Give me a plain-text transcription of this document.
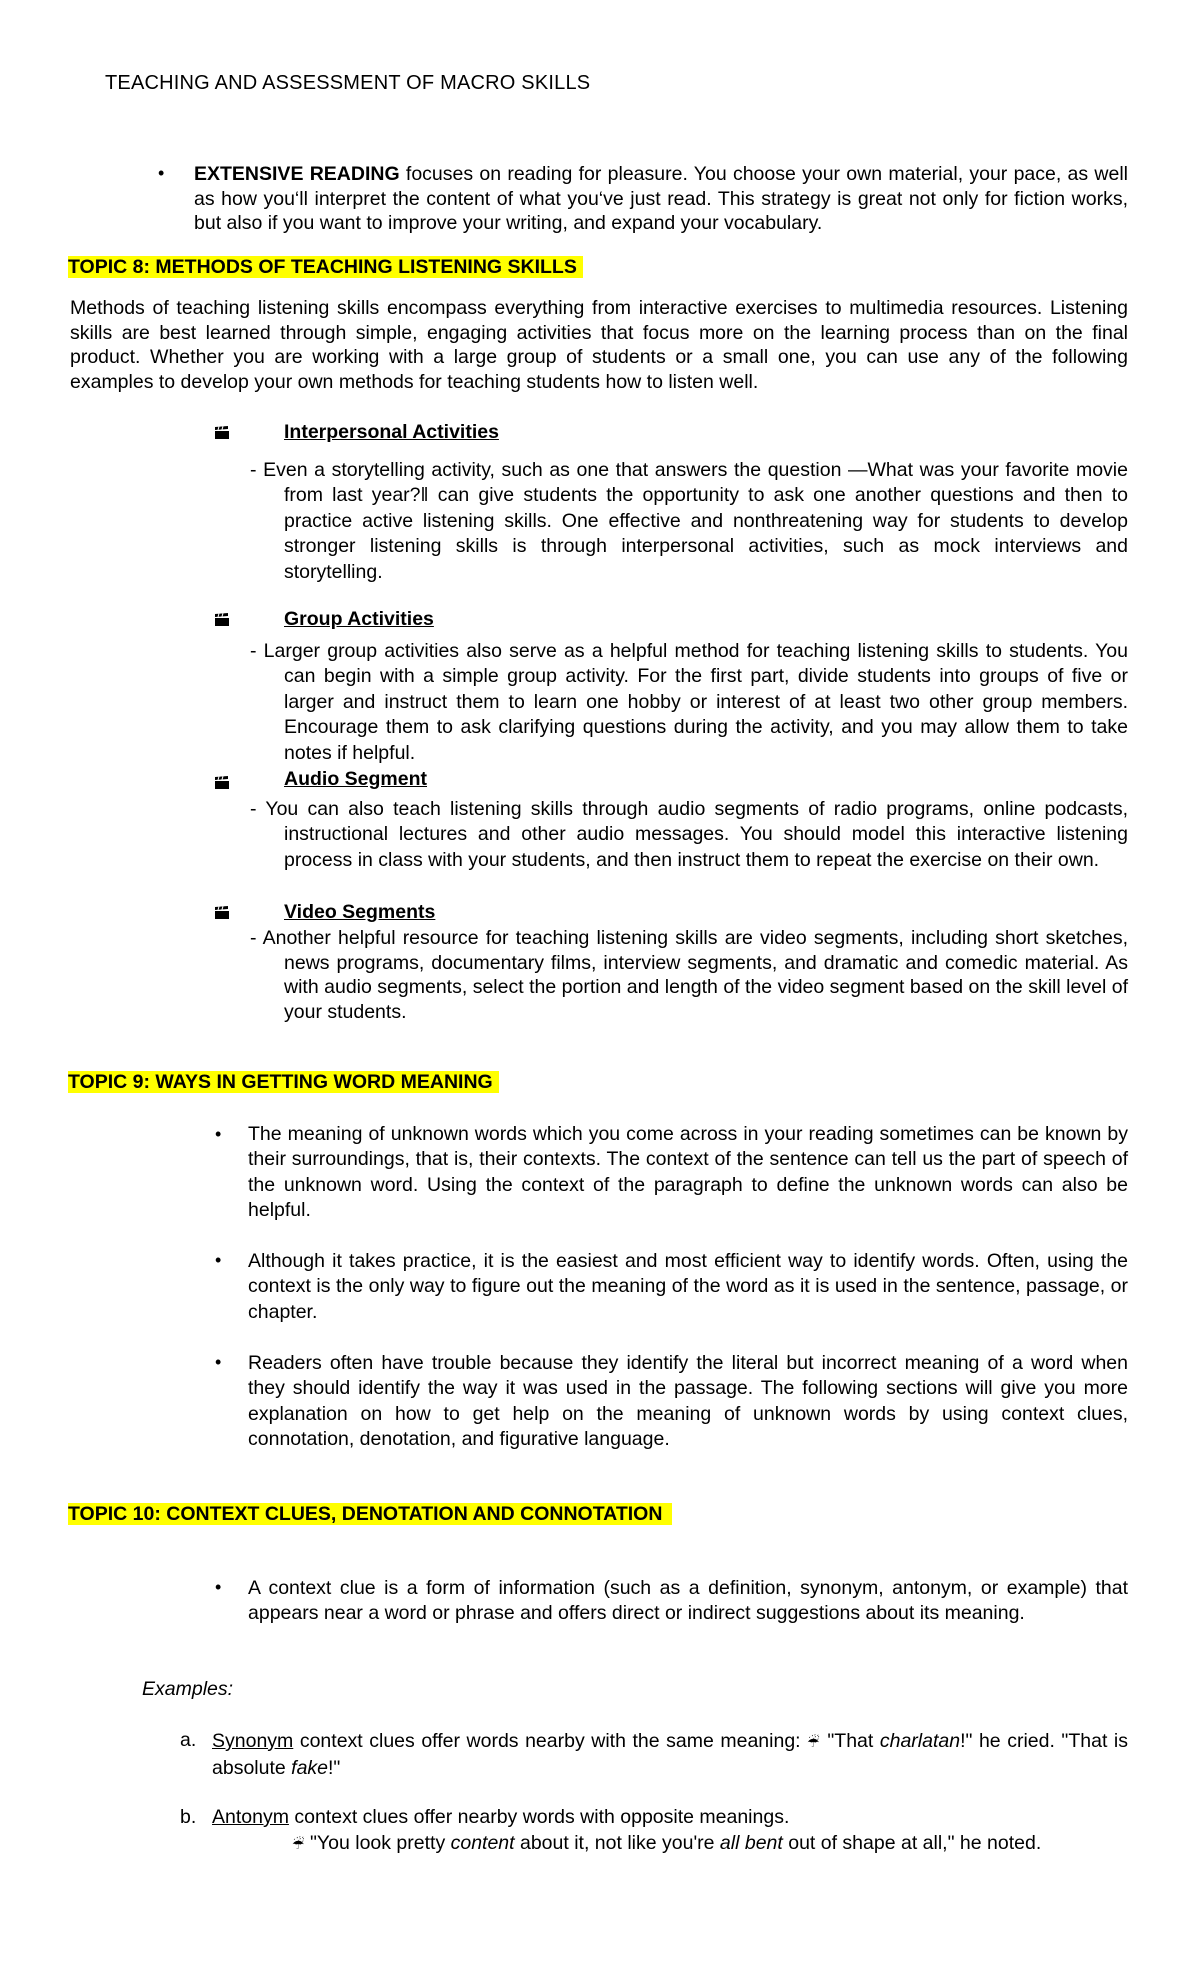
TEACHING AND ASSESSMENT OF MACRO SKILLS
• EXTENSIVE READING focuses on reading for pleasure. You choose your own material, your pace, as well as how you‘ll interpret the content of what you‘ve just read. This strategy is great not only for fiction works, but also if you want to improve your writing, and expand your vocabulary.
TOPIC 8: METHODS OF TEACHING LISTENING SKILLS
Methods of teaching listening skills encompass everything from interactive exercises to multimedia resources. Listening skills are best learned through simple, engaging activities that focus more on the learning process than on the final product. Whether you are working with a large group of students or a small one, you can use any of the following examples to develop your own methods for teaching students how to listen well.
Interpersonal Activities
- Even a storytelling activity, such as one that answers the question ―What was your favorite movie from last year?‖ can give students the opportunity to ask one another questions and then to practice active listening skills. One effective and nonthreatening way for students to develop stronger listening skills is through interpersonal activities, such as mock interviews and storytelling.
Group Activities
- Larger group activities also serve as a helpful method for teaching listening skills to students. You can begin with a simple group activity. For the first part, divide students into groups of five or larger and instruct them to learn one hobby or interest of at least two other group members. Encourage them to ask clarifying questions during the activity, and you may allow them to take notes if helpful.
Audio Segment
- You can also teach listening skills through audio segments of radio programs, online podcasts, instructional lectures and other audio messages. You should model this interactive listening process in class with your students, and then instruct them to repeat the exercise on their own.
Video Segments
- Another helpful resource for teaching listening skills are video segments, including short sketches, news programs, documentary films, interview segments, and dramatic and comedic material. As with audio segments, select the portion and length of the video segment based on the skill level of your students.
TOPIC 9: WAYS IN GETTING WORD MEANING
• The meaning of unknown words which you come across in your reading sometimes can be known by their surroundings, that is, their contexts. The context of the sentence can tell us the part of speech of the unknown word. Using the context of the paragraph to define the unknown words can also be helpful.
• Although it takes practice, it is the easiest and most efficient way to identify words. Often, using the context is the only way to figure out the meaning of the word as it is used in the sentence, passage, or chapter.
• Readers often have trouble because they identify the literal but incorrect meaning of a word when they should identify the way it was used in the passage. The following sections will give you more explanation on how to get help on the meaning of unknown words by using context clues, connotation, denotation, and figurative language.
TOPIC 10: CONTEXT CLUES, DENOTATION AND CONNOTATION
• A context clue is a form of information (such as a definition, synonym, antonym, or example) that appears near a word or phrase and offers direct or indirect suggestions about its meaning.
Examples:
a. Synonym context clues offer words nearby with the same meaning: ☔ "That charlatan!" he cried. "That is absolute fake!"
b. Antonym context clues offer nearby words with opposite meanings.
☔ "You look pretty content about it, not like you're all bent out of shape at all," he noted.
